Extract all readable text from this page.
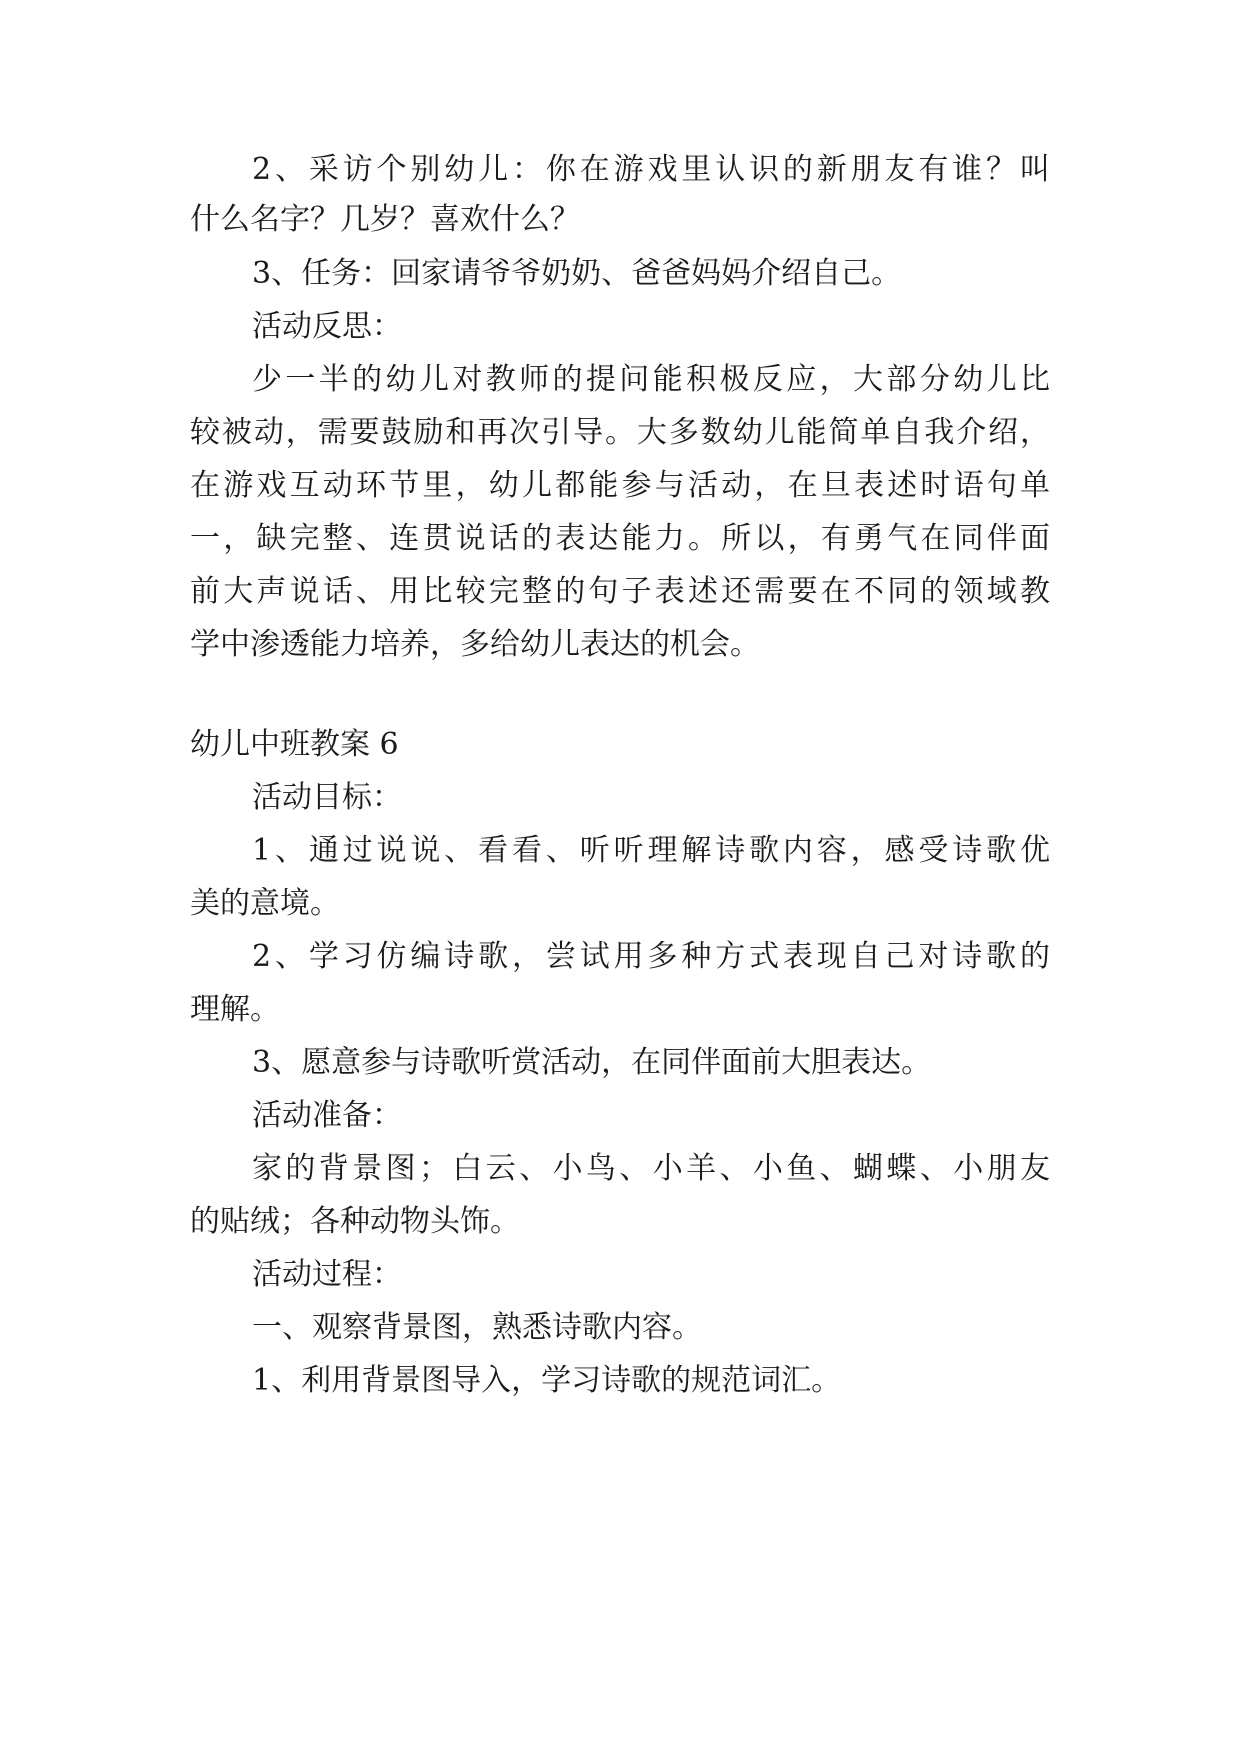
2、采访个别幼儿：你在游戏里认识的新朋友有谁？叫
什么名字？几岁？喜欢什么？
3、任务：回家请爷爷奶奶、爸爸妈妈介绍自己。
活动反思：
少一半的幼儿对教师的提问能积极反应，大部分幼儿比
较被动，需要鼓励和再次引导。大多数幼儿能简单自我介绍，
在游戏互动环节里，幼儿都能参与活动，在旦表述时语句单
一，缺完整、连贯说话的表达能力。所以，有勇气在同伴面
前大声说话、用比较完整的句子表述还需要在不同的领域教
学中渗透能力培养，多给幼儿表达的机会。
幼儿中班教案 6
活动目标：
1、通过说说、看看、听听理解诗歌内容，感受诗歌优
美的意境。
2、学习仿编诗歌，尝试用多种方式表现自己对诗歌的
理解。
3、愿意参与诗歌听赏活动，在同伴面前大胆表达。
活动准备：
家的背景图；白云、小鸟、小羊、小鱼、蝴蝶、小朋友
的贴绒；各种动物头饰。
活动过程：
一、观察背景图，熟悉诗歌内容。
1、利用背景图导入，学习诗歌的规范词汇。
